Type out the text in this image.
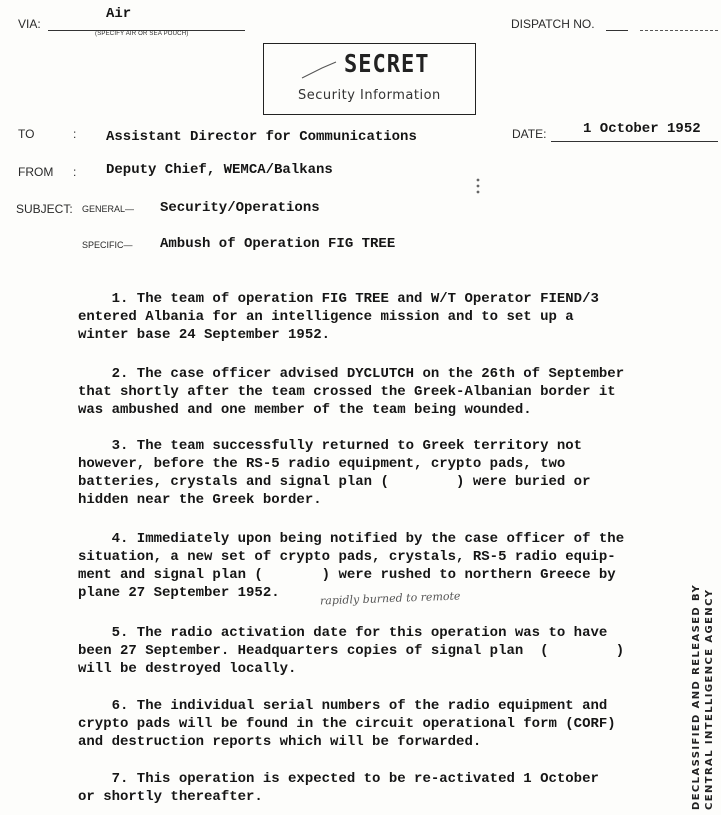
VIA:
Air
(SPECIFY AIR OR SEA POUCH)
DISPATCH NO.
SECRET
Security Information
TO	: Assistant Director for Communications	DATE:	1 October 1952
FROM : Deputy Chief, WEMCA/Balkans
SUBJECT: GENERAL— Security/Operations
SPECIFIC— Ambush of Operation FIG TREE
1. The team of operation FIG TREE and W/T Operator FIEND/3
entered Albania for an intelligence mission and to set up a
winter base 24 September 1952.
2. The case officer advised DYCLUTCH on the 26th of September
that shortly after the team crossed the Greek-Albanian border it
was ambushed and one member of the team being wounded.
3. The team successfully returned to Greek territory not
however, before the RS-5 radio equipment, crypto pads, two
batteries, crystals and signal plan (        ) were buried or
hidden near the Greek border.
4. Immediately upon being notified by the case officer of the
situation, a new set of crypto pads, crystals, RS-5 radio equip-
ment and signal plan (       ) were rushed to northern Greece by
plane 27 September 1952.	rapidly burned to remote
5. The radio activation date for this operation was to have
been 27 September. Headquarters copies of signal plan  (        )
will be destroyed locally.
6. The individual serial numbers of the radio equipment and
crypto pads will be found in the circuit operational form (CORF)
and destruction reports which will be forwarded.
7. This operation is expected to be re-activated 1 October
or shortly thereafter.	DECLASSIFIED AND RELEASED BY CENTRAL INTELLIGENCE AGENCY
